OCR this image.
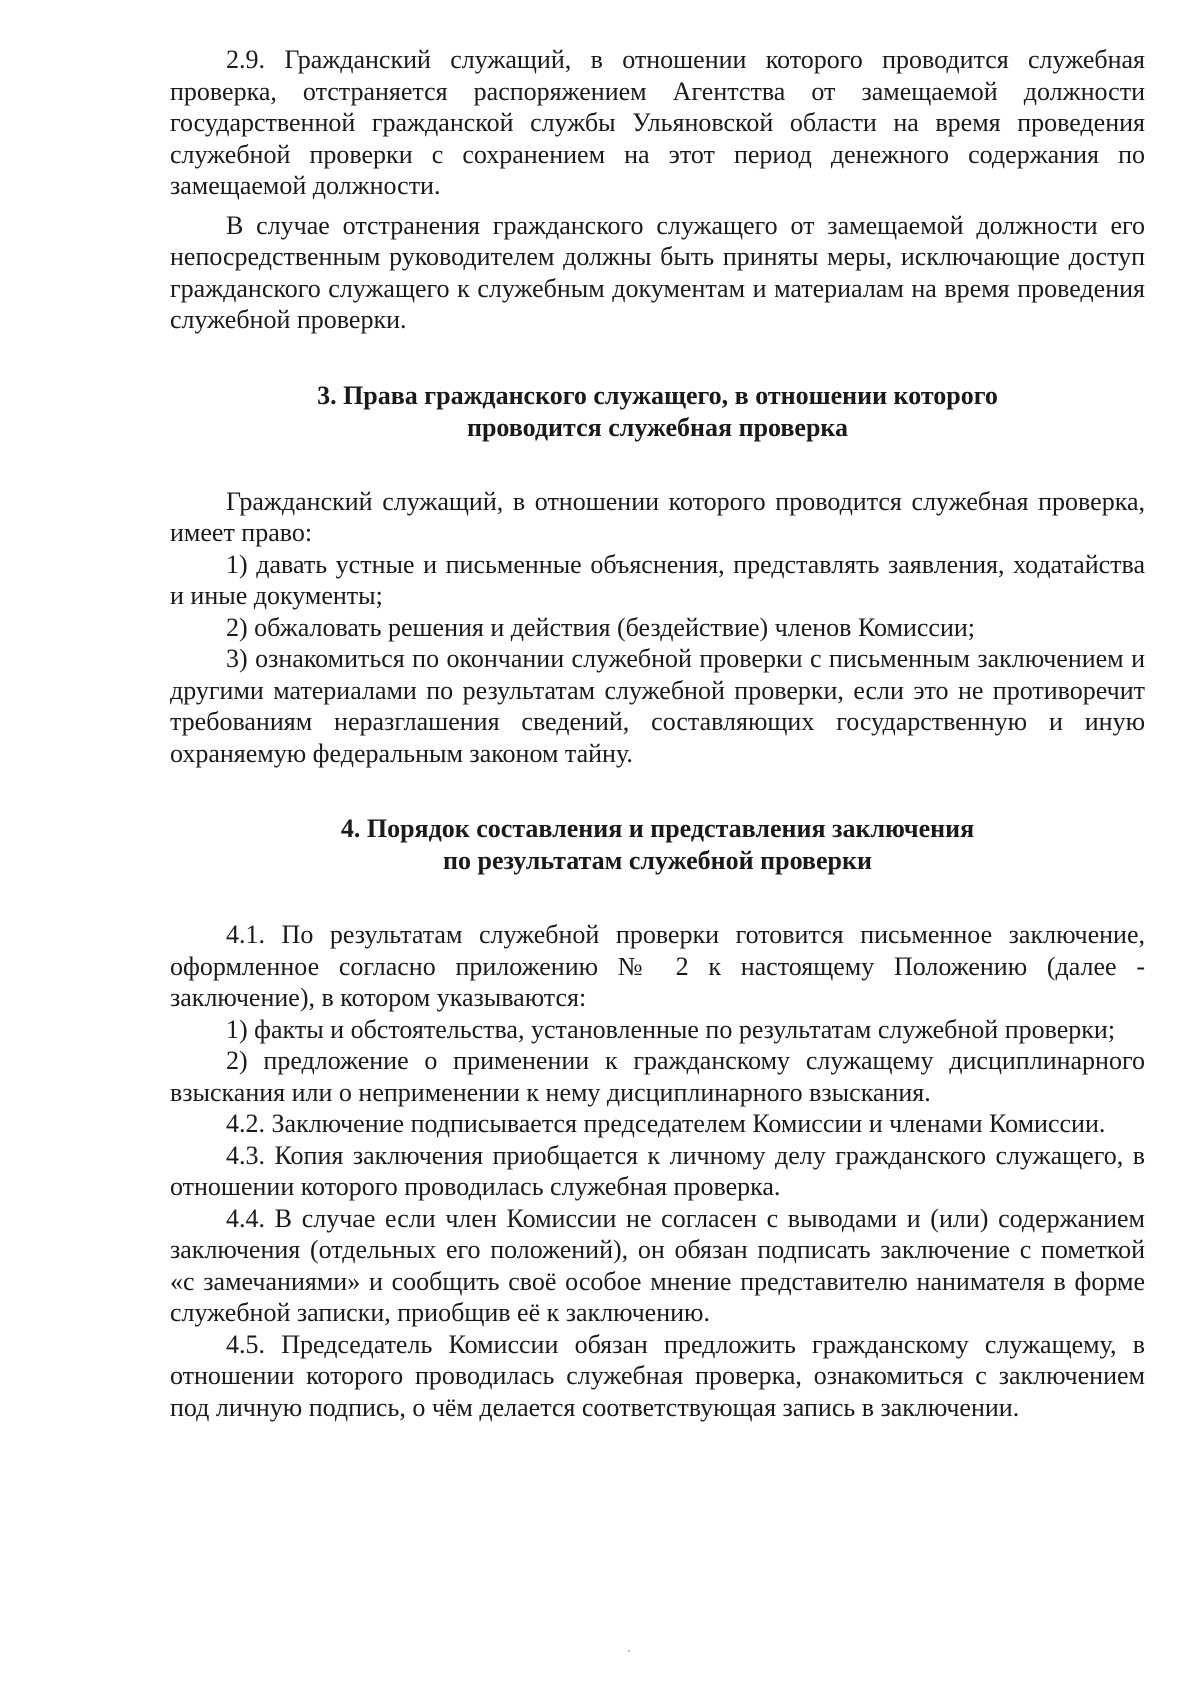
2.9. Гражданский служащий, в отношении которого проводится служебная проверка, отстраняется распоряжением Агентства от замещаемой должности государственной гражданской службы Ульяновской области на время проведения служебной проверки с сохранением на этот период денежного содержания по замещаемой должности.

В случае отстранения гражданского служащего от замещаемой должности его непосредственным руководителем должны быть приняты меры, исключающие доступ гражданского служащего к служебным документам и материалам на время проведения служебной проверки.

3. Права гражданского служащего, в отношении которого
проводится служебная проверка

Гражданский служащий, в отношении которого проводится служебная проверка, имеет право:

1) давать устные и письменные объяснения, представлять заявления, ходатайства и иные документы;

2) обжаловать решения и действия (бездействие) членов Комиссии;

3) ознакомиться по окончании служебной проверки с письменным заключением и другими материалами по результатам служебной проверки, если это не противоречит требованиям неразглашения сведений, составляющих государственную и иную охраняемую федеральным законом тайну.

4. Порядок составления и представления заключения
по результатам служебной проверки

4.1. По результатам служебной проверки готовится письменное заключение, оформленное согласно приложению № 2 к настоящему Положению (далее - заключение), в котором указываются:

1) факты и обстоятельства, установленные по результатам служебной проверки;

2) предложение о применении к гражданскому служащему дисциплинарного взыскания или о неприменении к нему дисциплинарного взыскания.

4.2. Заключение подписывается председателем Комиссии и членами Комиссии.

4.3. Копия заключения приобщается к личному делу гражданского служащего, в отношении которого проводилась служебная проверка.

4.4. В случае если член Комиссии не согласен с выводами и (или) содержанием заключения (отдельных его положений), он обязан подписать заключение с пометкой «с замечаниями» и сообщить своё особое мнение представителю нанимателя в форме служебной записки, приобщив её к заключению.

4.5. Председатель Комиссии обязан предложить гражданскому служащему, в отношении которого проводилась служебная проверка, ознакомиться с заключением под личную подпись, о чём делается соответствующая запись в заключении.
